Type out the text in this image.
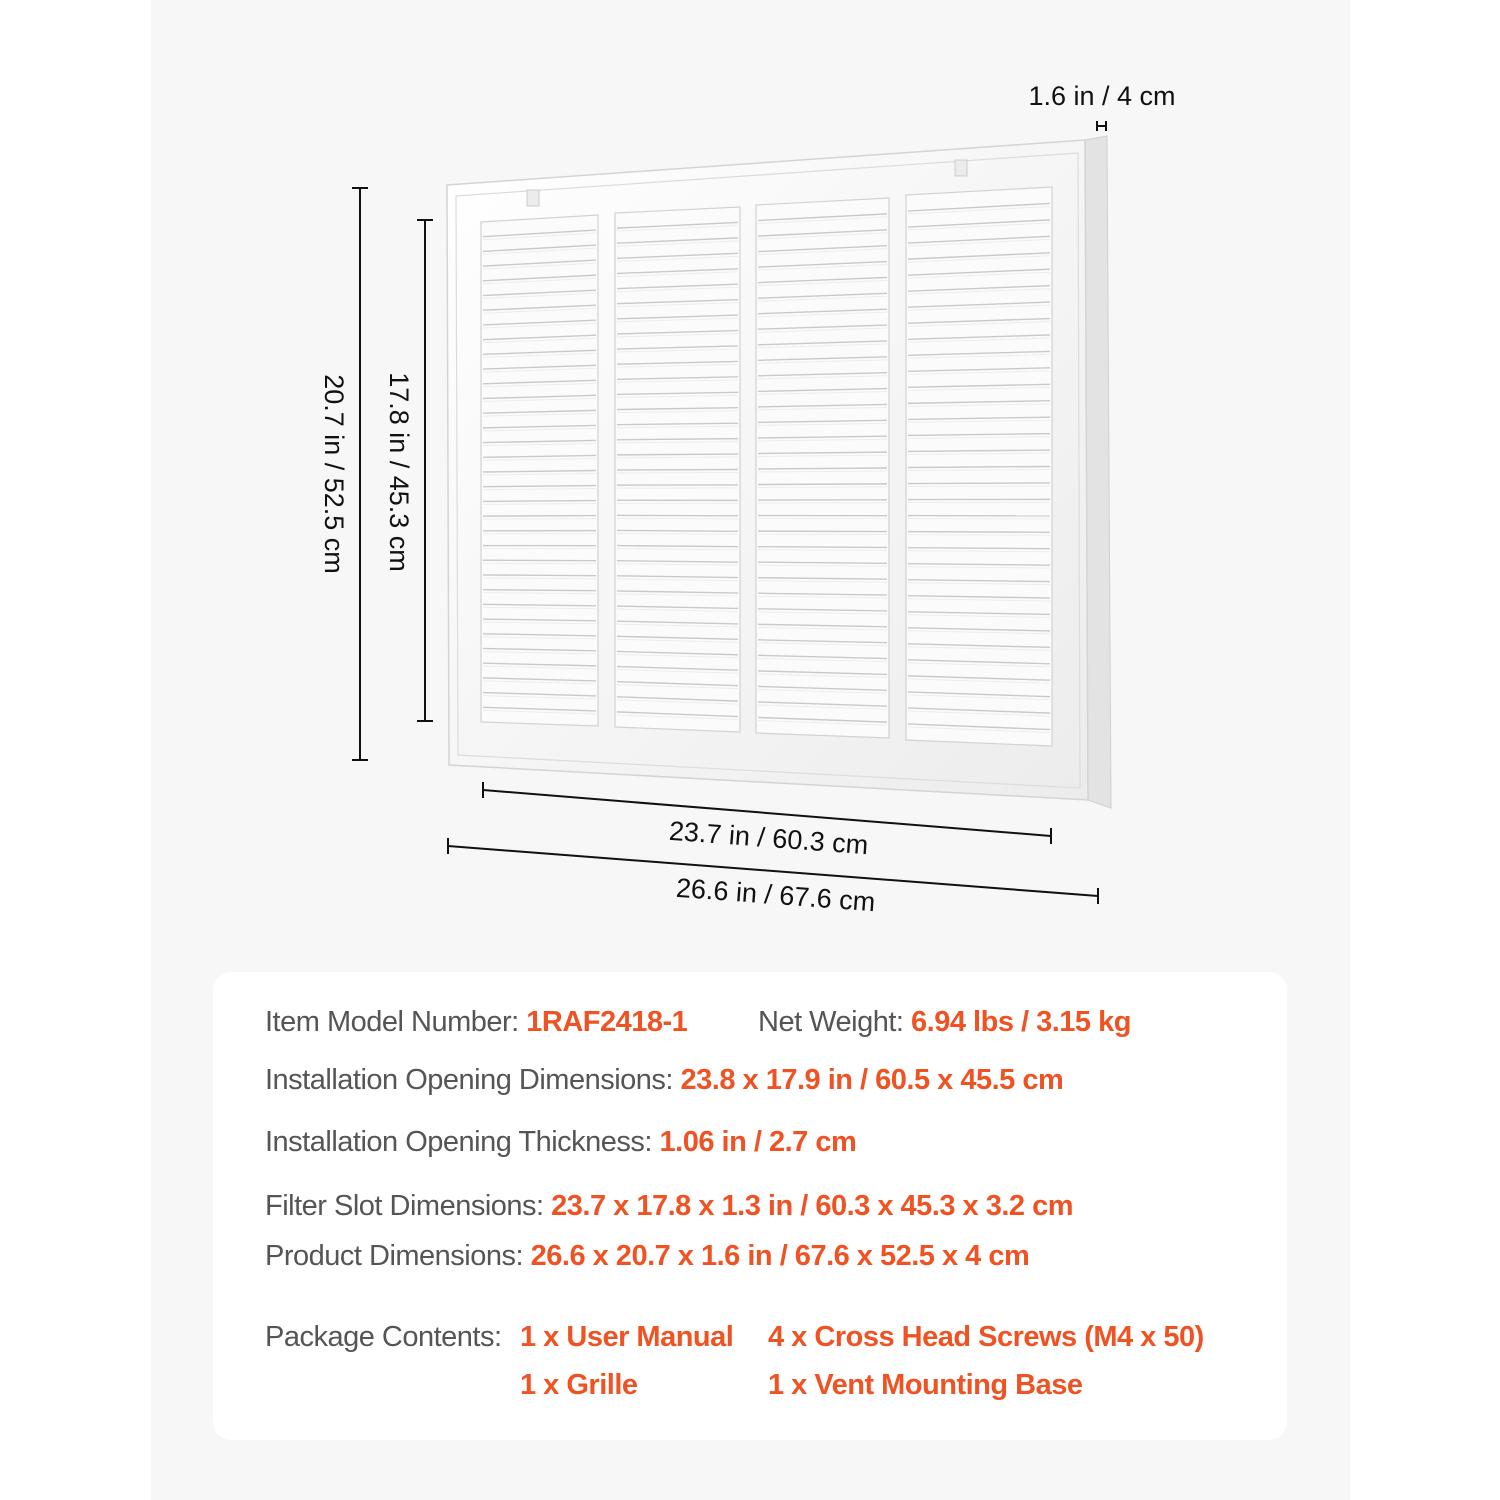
1.6 in / 4 cm
20.7 in / 52.5 cm 17.8 in / 45.3 cm
23.7 in / 60.3 cm
26.6 in / 67.6 cm
Item Model Number: 1RAF2418-1 Net Weight: 6.94 lbs / 3.15 kg
Installation Opening Dimensions: 23.8 x 17.9 in / 60.5 x 45.5 cm
Installation Opening Thickness: 1.06 in / 2.7 cm
Filter Slot Dimensions: 23.7 x 17.8 x 1.3 in / 60.3 x 45.3 x 3.2 cm
Product Dimensions: 26.6 x 20.7 x 1.6 in / 67.6 x 52.5 x 4 cm
Package Contents: 1 x User Manual 4 x Cross Head Screws (M4 x 50)
1 x Grille	1 x Vent Mounting Base
